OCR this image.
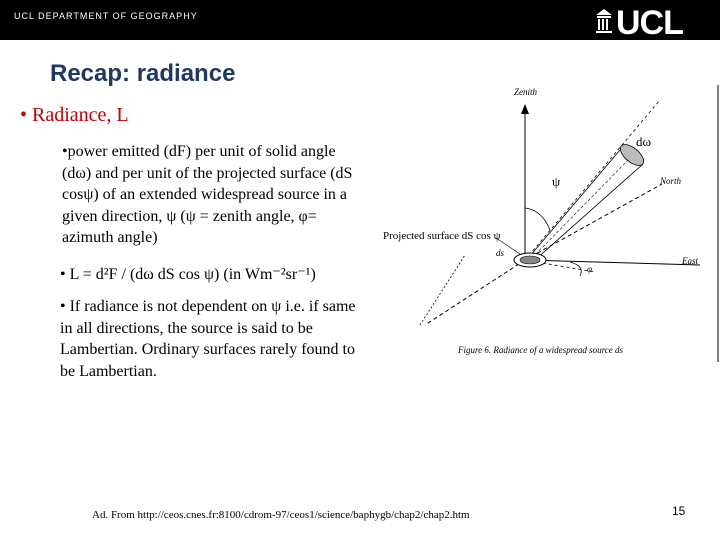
UCL DEPARTMENT OF GEOGRAPHY	UCL
Recap: radiance
• Radiance, L
•power emitted (dF) per unit of solid angle (dω) and per unit of the projected surface (dS cosψ) of an extended widespread source in a given direction, ψ (ψ = zenith angle, φ= azimuth angle)
• L = d²F / (dω dS cos ψ) (in Wm⁻²sr⁻¹)
• If radiance is not dependent on ψ i.e. if same in all directions, the source is said to be Lambertian. Ordinary surfaces rarely found to be Lambertian.
Ad. From http://ceos.cnes.fr:8100/cdrom-97/ceos1/science/baphygb/chap2/chap2.htm	15
Zenith
dω
ψ	North
Projected surface dS cos ψ
ds
φ
East
Figure 6. Radiance of a widespread source ds
